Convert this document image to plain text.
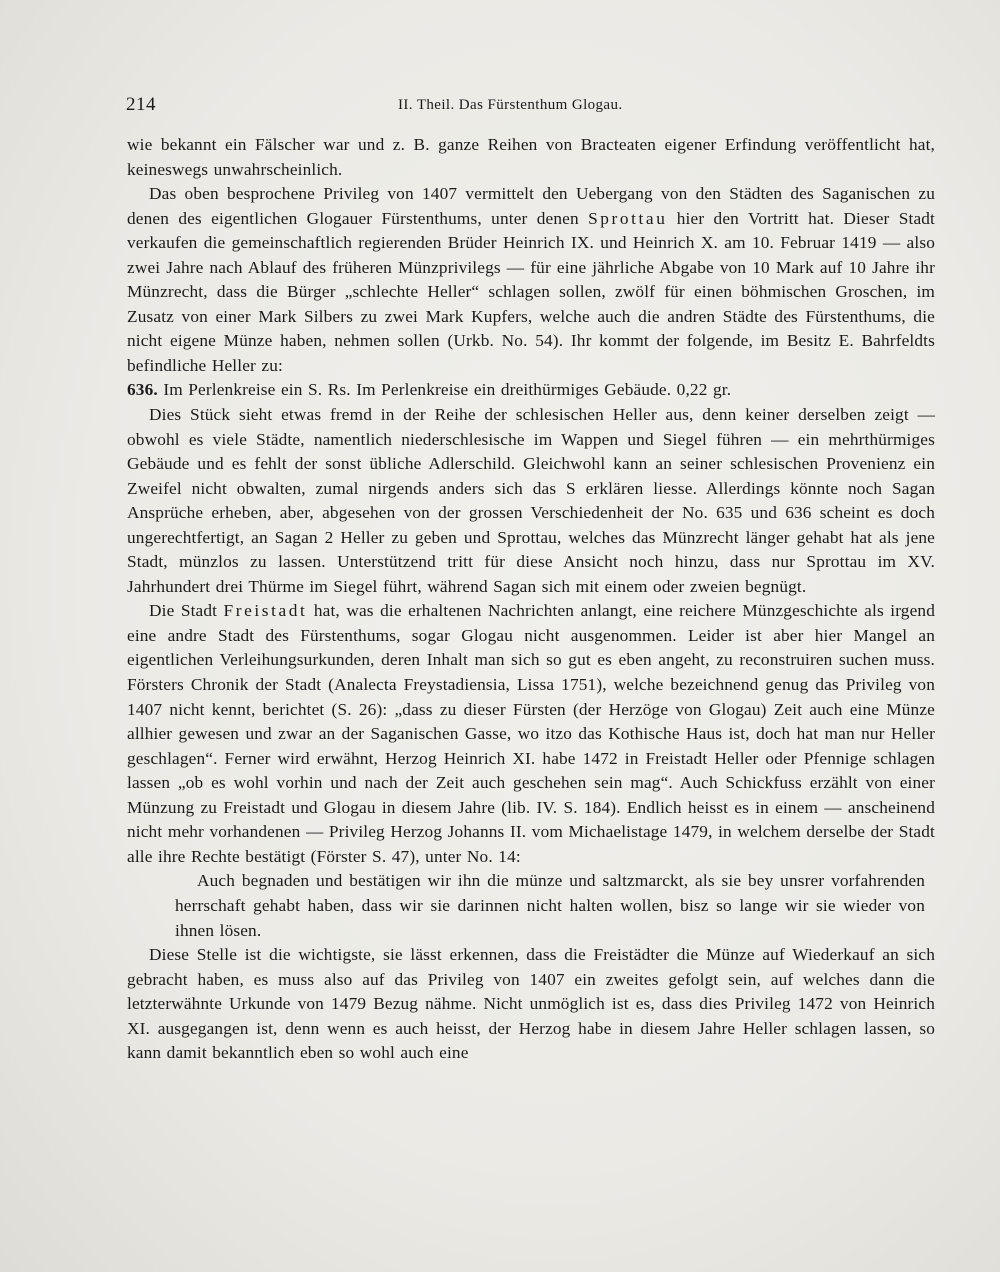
214	II. Theil. Das Fürstenthum Glogau.

wie bekannt ein Fälscher war und z. B. ganze Reihen von Bracteaten eigener Erfindung veröffentlicht hat, keineswegs unwahrscheinlich.

Das oben besprochene Privileg von 1407 vermittelt den Uebergang von den Städten des Saganischen zu denen des eigentlichen Glogauer Fürstenthums, unter denen Sprottau hier den Vortritt hat. Dieser Stadt verkaufen die gemeinschaftlich regierenden Brüder Heinrich IX. und Heinrich X. am 10. Februar 1419 — also zwei Jahre nach Ablauf des früheren Münzprivilegs — für eine jährliche Abgabe von 10 Mark auf 10 Jahre ihr Münzrecht, dass die Bürger „schlechte Heller“ schlagen sollen, zwölf für einen böhmischen Groschen, im Zusatz von einer Mark Silbers zu zwei Mark Kupfers, welche auch die andren Städte des Fürstenthums, die nicht eigene Münze haben, nehmen sollen (Urkb. No. 54). Ihr kommt der folgende, im Besitz E. Bahrfeldts befindliche Heller zu:
636. Im Perlenkreise ein S. Rs. Im Perlenkreise ein dreithürmiges Gebäude. 0,22 gr.

Dies Stück sieht etwas fremd in der Reihe der schlesischen Heller aus, denn keiner derselben zeigt — obwohl es viele Städte, namentlich niederschlesische im Wappen und Siegel führen — ein mehrthürmiges Gebäude und es fehlt der sonst übliche Adlerschild. Gleichwohl kann an seiner schlesischen Provenienz ein Zweifel nicht obwalten, zumal nirgends anders sich das S erklären liesse. Allerdings könnte noch Sagan Ansprüche erheben, aber, abgesehen von der grossen Verschiedenheit der No. 635 und 636 scheint es doch ungerechtfertigt, an Sagan 2 Heller zu geben und Sprottau, welches das Münzrecht länger gehabt hat als jene Stadt, münzlos zu lassen. Unterstützend tritt für diese Ansicht noch hinzu, dass nur Sprottau im XV. Jahrhundert drei Thürme im Siegel führt, während Sagan sich mit einem oder zweien begnügt.

Die Stadt Freistadt hat, was die erhaltenen Nachrichten anlangt, eine reichere Münzgeschichte als irgend eine andre Stadt des Fürstenthums, sogar Glogau nicht ausgenommen. Leider ist aber hier Mangel an eigentlichen Verleihungsurkunden, deren Inhalt man sich so gut es eben angeht, zu reconstruiren suchen muss. Försters Chronik der Stadt (Analecta Freystadiensia, Lissa 1751), welche bezeichnend genug das Privileg von 1407 nicht kennt, berichtet (S. 26): „dass zu dieser Fürsten (der Herzöge von Glogau) Zeit auch eine Münze allhier gewesen und zwar an der Saganischen Gasse, wo itzo das Kothische Haus ist, doch hat man nur Heller geschlagen“. Ferner wird erwähnt, Herzog Heinrich XI. habe 1472 in Freistadt Heller oder Pfennige schlagen lassen „ob es wohl vorhin und nach der Zeit auch geschehen sein mag“. Auch Schickfuss erzählt von einer Münzung zu Freistadt und Glogau in diesem Jahre (lib. IV. S. 184). Endlich heisst es in einem — anscheinend nicht mehr vorhandenen — Privileg Herzog Johanns II. vom Michaelistage 1479, in welchem derselbe der Stadt alle ihre Rechte bestätigt (Förster S. 47), unter No. 14:

Auch begnaden und bestätigen wir ihn die münze und saltzmarckt, als sie bey unsrer vorfahrenden herrschaft gehabt haben, dass wir sie darinnen nicht halten wollen, bisz so lange wir sie wieder von ihnen lösen.

Diese Stelle ist die wichtigste, sie lässt erkennen, dass die Freistädter die Münze auf Wiederkauf an sich gebracht haben, es muss also auf das Privileg von 1407 ein zweites gefolgt sein, auf welches dann die letzterwähnte Urkunde von 1479 Bezug nähme. Nicht unmöglich ist es, dass dies Privileg 1472 von Heinrich XI. ausgegangen ist, denn wenn es auch heisst, der Herzog habe in diesem Jahre Heller schlagen lassen, so kann damit bekanntlich eben so wohl auch eine
